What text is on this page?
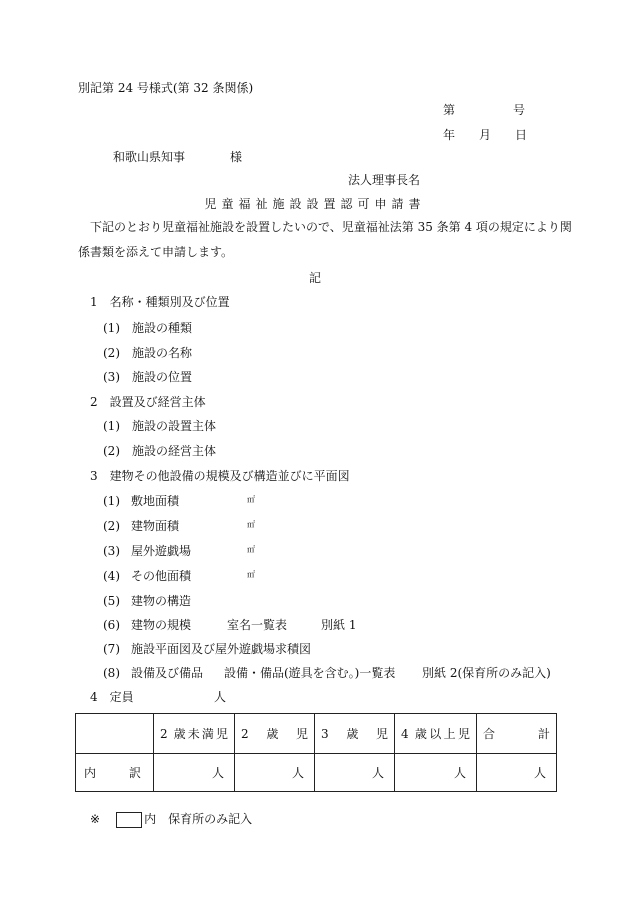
別記第 24 号様式(第 32 条関係)
第	号
年 月 日
和歌山県知事	様
法人理事長名
児童福祉施設設置認可申請書
下記のとおり児童福祉施設を設置したいので、児童福祉法第 35 条第 4 項の規定により関
係書類を添えて申請します。
記
1　名称・種類別及び位置
(1)　施設の種類
(2)　施設の名称
(3)　施設の位置
2　設置及び経営主体
(1)　施設の設置主体
(2)　施設の経営主体
3　建物その他設備の規模及び構造並びに平面図
(1) 敷地面積	㎡
(2) 建物面積	㎡
(3) 屋外遊戯場	㎡
(4) その他面積	㎡
(5) 建物の構造
(6) 建物の規模	室名一覧表	別紙 1
(7) 施設平面図及び屋外遊戯場求積図
(8) 設備及び備品 設備・備品(遊具を含む。)一覧表 別紙 2(保育所のみ記入)
4　定員	人
	2 歳未満児	2　歳　児	3　歳　児	4 歳以上児	合　　計
内　訳	人	人	人	人	人
※	内　保育所のみ記入
